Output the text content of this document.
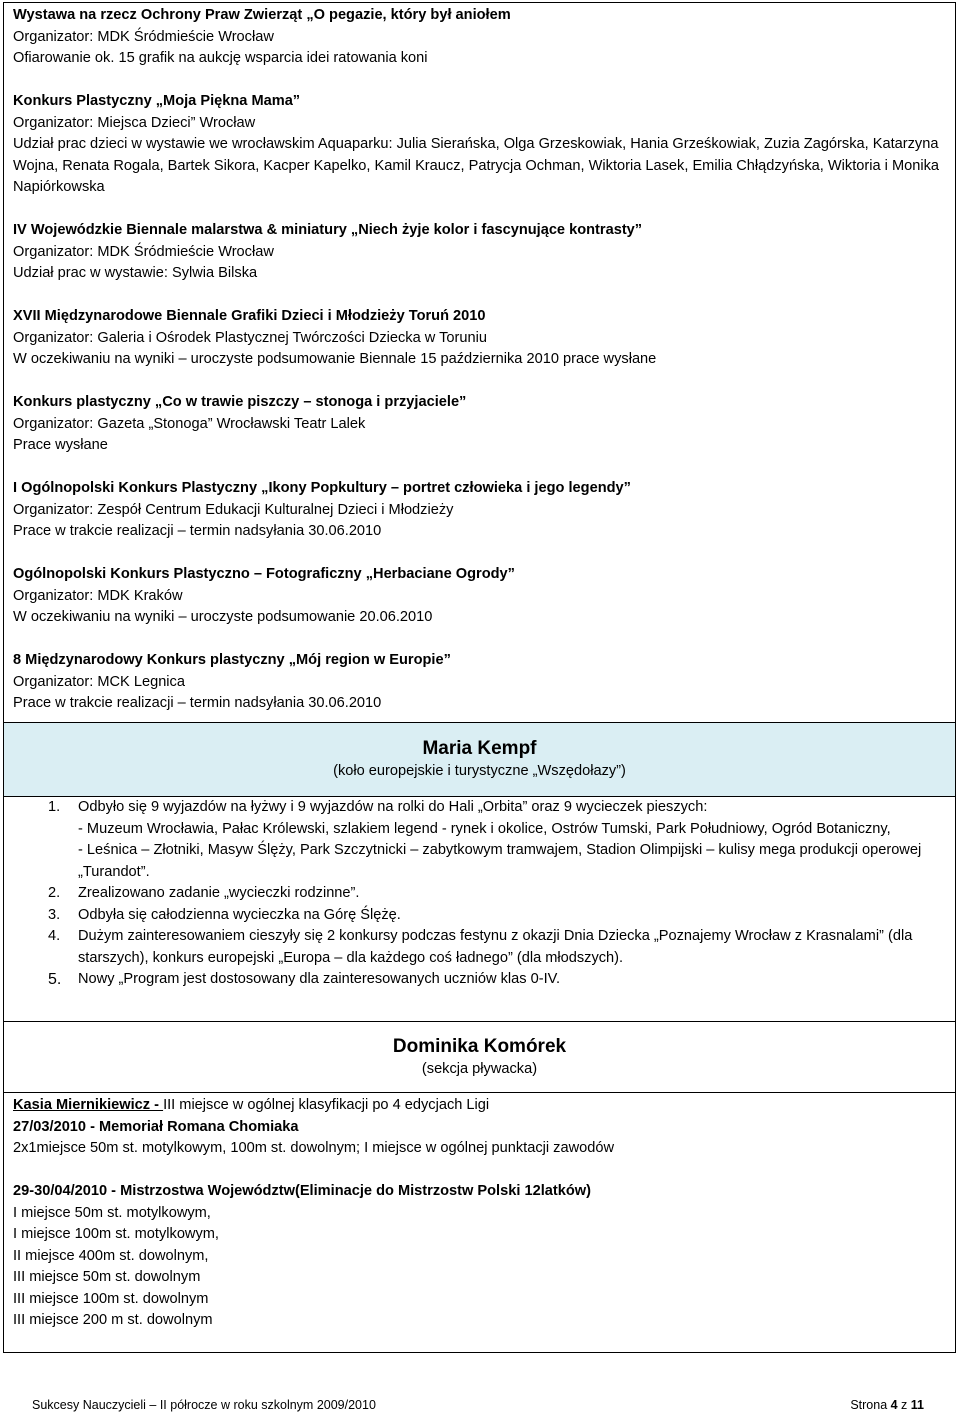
Wystawa na rzecz Ochrony Praw Zwierząt „O pegazie, który był aniołem
Organizator: MDK Śródmieście Wrocław
Ofiarowanie ok. 15 grafik na aukcję wsparcia idei ratowania koni
Konkurs Plastyczny „Moja Piękna Mama”
Organizator: Miejsca Dzieci” Wrocław
Udział prac dzieci w wystawie we wrocławskim Aquaparku: Julia Sierańska, Olga Grzeskowiak, Hania Grześkowiak, Zuzia Zagórska, Katarzyna Wojna, Renata Rogala, Bartek Sikora, Kacper Kapelko, Kamil Kraucz, Patrycja Ochman, Wiktoria Lasek, Emilia Chłądzyńska, Wiktoria i Monika Napiórkowska
IV Wojewódzkie Biennale malarstwa & miniatury „Niech żyje kolor i fascynujące kontrasty”
Organizator: MDK Śródmieście Wrocław
Udział prac w wystawie: Sylwia Bilska
XVII Międzynarodowe Biennale Grafiki Dzieci i Młodzieży Toruń 2010
Organizator: Galeria i Ośrodek Plastycznej Twórczości Dziecka w Toruniu
W oczekiwaniu na wyniki – uroczyste podsumowanie Biennale 15 października 2010 prace wysłane
Konkurs plastyczny „Co w trawie piszczy – stonoga i przyjaciele”
Organizator: Gazeta „Stonoga” Wrocławski Teatr Lalek
Prace wysłane
I Ogólnopolski Konkurs Plastyczny „Ikony Popkultury – portret człowieka i jego legendy”
Organizator: Zespół Centrum Edukacji Kulturalnej Dzieci i Młodzieży
Prace w trakcie realizacji – termin nadsyłania 30.06.2010
Ogólnopolski Konkurs Plastyczno – Fotograficzny „Herbaciane Ogrody”
Organizator: MDK Kraków
W oczekiwaniu na wyniki – uroczyste podsumowanie 20.06.2010
8 Międzynarodowy Konkurs plastyczny „Mój region w Europie”
Organizator: MCK Legnica
Prace w trakcie realizacji – termin nadsyłania 30.06.2010
Maria Kempf
(koło europejskie i turystyczne „Wszędołazy”)
1. Odbyło się 9 wyjazdów na łyżwy i 9 wyjazdów na rolki do Hali „Orbita” oraz 9 wycieczek pieszych:
- Muzeum Wrocławia, Pałac Królewski, szlakiem legend - rynek i okolice, Ostrów Tumski, Park Południowy, Ogród Botaniczny,
- Leśnica – Złotniki, Masyw Ślęży, Park Szczytnicki – zabytkowym tramwajem, Stadion Olimpijski – kulisy mega produkcji operowej „Turandot”.
2. Zrealizowano zadanie „wycieczki rodzinne”.
3. Odbyła się całodzienna wycieczka na Górę Ślężę.
4. Dużym zainteresowaniem cieszyły się 2 konkursy podczas festynu z okazji Dnia Dziecka „Poznajemy Wrocław z Krasnalami” (dla starszych), konkurs europejski „Europa – dla każdego coś ładnego” (dla młodszych).
5. Nowy „Program jest dostosowany dla zainteresowanych uczniów klas 0-IV.
Dominika Komórek
(sekcja pływacka)
Kasia Miernikiewicz - III miejsce w ogólnej klasyfikacji po 4 edycjach Ligi
27/03/2010 - Memoriał Romana Chomiaka
2x1miejsce 50m st. motylkowym, 100m st. dowolnym; I miejsce w ogólnej punktacji zawodów
29-30/04/2010 - Mistrzostwa Województw(Eliminacje do Mistrzostw Polski 12latków)
I miejsce 50m st. motylkowym,
I miejsce 100m st. motylkowym,
II miejsce 400m st. dowolnym,
III miejsce 50m st. dowolnym
III miejsce 100m st. dowolnym
III miejsce 200 m st. dowolnym
Sukcesy Nauczycieli – II półrocze w roku szkolnym 2009/2010	Strona 4 z 11
